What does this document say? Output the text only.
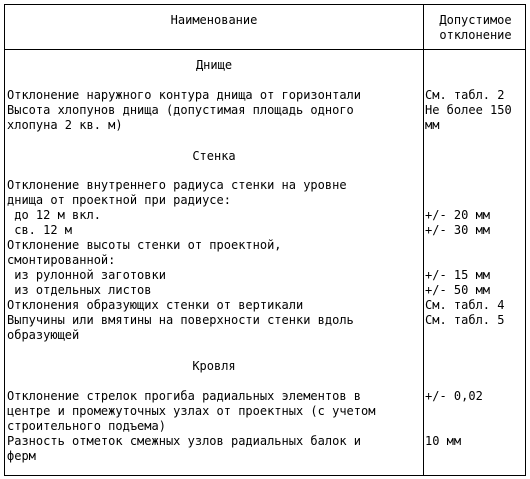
Наименование	Допустимое
отклонение
Днище
Отклонение наружного контура днища от горизонтали	См. табл. 2
Высота хлопунов днища (допустимая площадь одного	Не более 150
хлопуна 2 кв. м)	мм
Стенка
Отклонение внутреннего радиуса стенки на уровне
днища от проектной при радиусе:
до 12 м вкл.	+/- 20 мм
св. 12 м	+/- 30 мм
Отклонение высоты стенки от проектной,
смонтированной:
из рулонной заготовки	+/- 15 мм
из отдельных листов	+/- 50 мм
Отклонения образующих стенки от вертикали	См. табл. 4
Выпучины или вмятины на поверхности стенки вдоль	См. табл. 5
образующей
Кровля
Отклонение стрелок прогиба радиальных элементов в	+/- 0,02
центре и промежуточных узлах от проектных (с учетом
строительного подъема)
Разность отметок смежных узлов радиальных балок и	10 мм
ферм
